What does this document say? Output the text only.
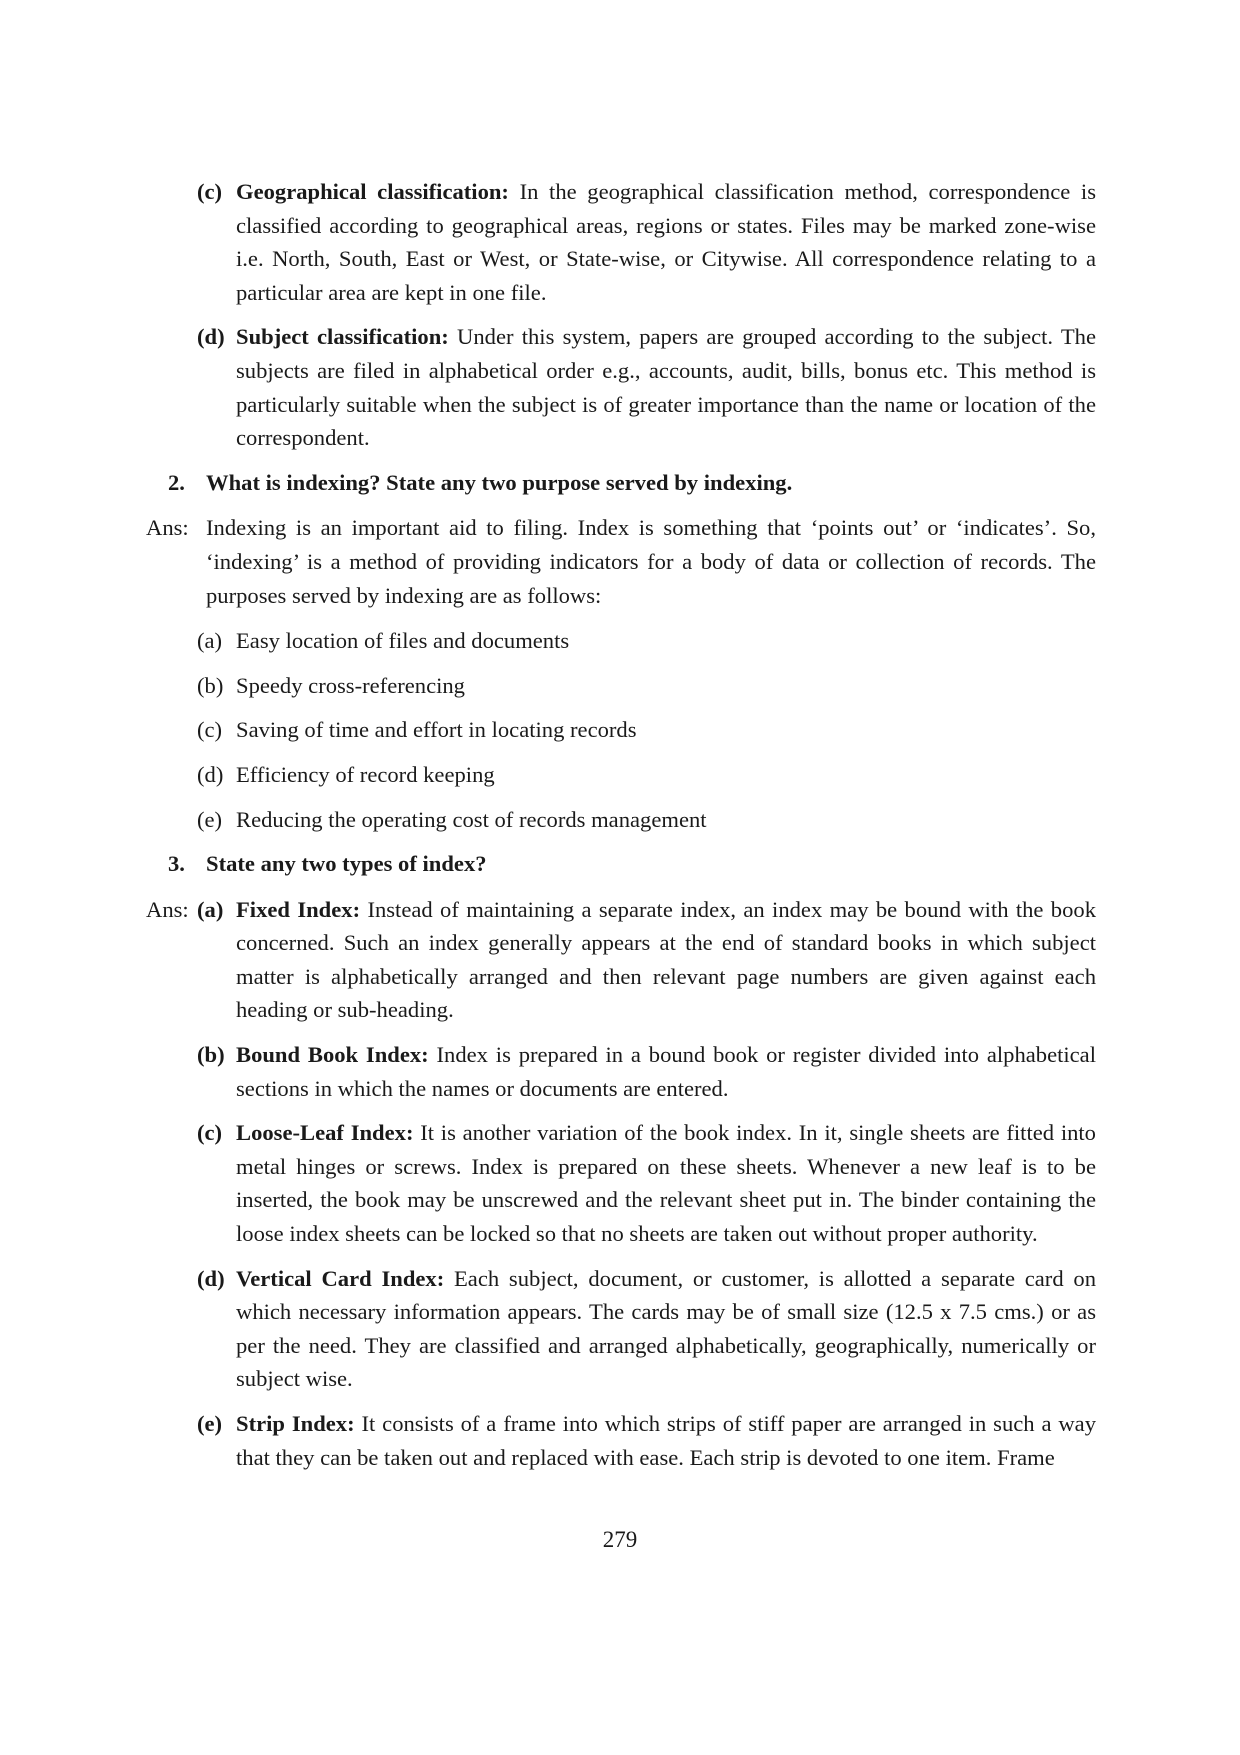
(c) Geographical classification: In the geographical classification method, correspondence is classified according to geographical areas, regions or states. Files may be marked zone-wise i.e. North, South, East or West, or State-wise, or Citywise. All correspondence relating to a particular area are kept in one file.
(d) Subject classification: Under this system, papers are grouped according to the subject. The subjects are filed in alphabetical order e.g., accounts, audit, bills, bonus etc. This method is particularly suitable when the subject is of greater importance than the name or location of the correspondent.
2. What is indexing? State any two purpose served by indexing.
Ans: Indexing is an important aid to filing. Index is something that ‘points out’ or ‘indicates’. So, ‘indexing’ is a method of providing indicators for a body of data or collection of records. The purposes served by indexing are as follows:
(a) Easy location of files and documents
(b) Speedy cross-referencing
(c) Saving of time and effort in locating records
(d) Efficiency of record keeping
(e) Reducing the operating cost of records management
3. State any two types of index?
Ans: (a) Fixed Index: Instead of maintaining a separate index, an index may be bound with the book concerned. Such an index generally appears at the end of standard books in which subject matter is alphabetically arranged and then relevant page numbers are given against each heading or sub-heading.
(b) Bound Book Index: Index is prepared in a bound book or register divided into alphabetical sections in which the names or documents are entered.
(c) Loose-Leaf Index: It is another variation of the book index. In it, single sheets are fitted into metal hinges or screws. Index is prepared on these sheets. Whenever a new leaf is to be inserted, the book may be unscrewed and the relevant sheet put in. The binder containing the loose index sheets can be locked so that no sheets are taken out without proper authority.
(d) Vertical Card Index: Each subject, document, or customer, is allotted a separate card on which necessary information appears. The cards may be of small size (12.5 x 7.5 cms.) or as per the need. They are classified and arranged alphabetically, geographically, numerically or subject wise.
(e) Strip Index: It consists of a frame into which strips of stiff paper are arranged in such a way that they can be taken out and replaced with ease. Each strip is devoted to one item. Frame
279
